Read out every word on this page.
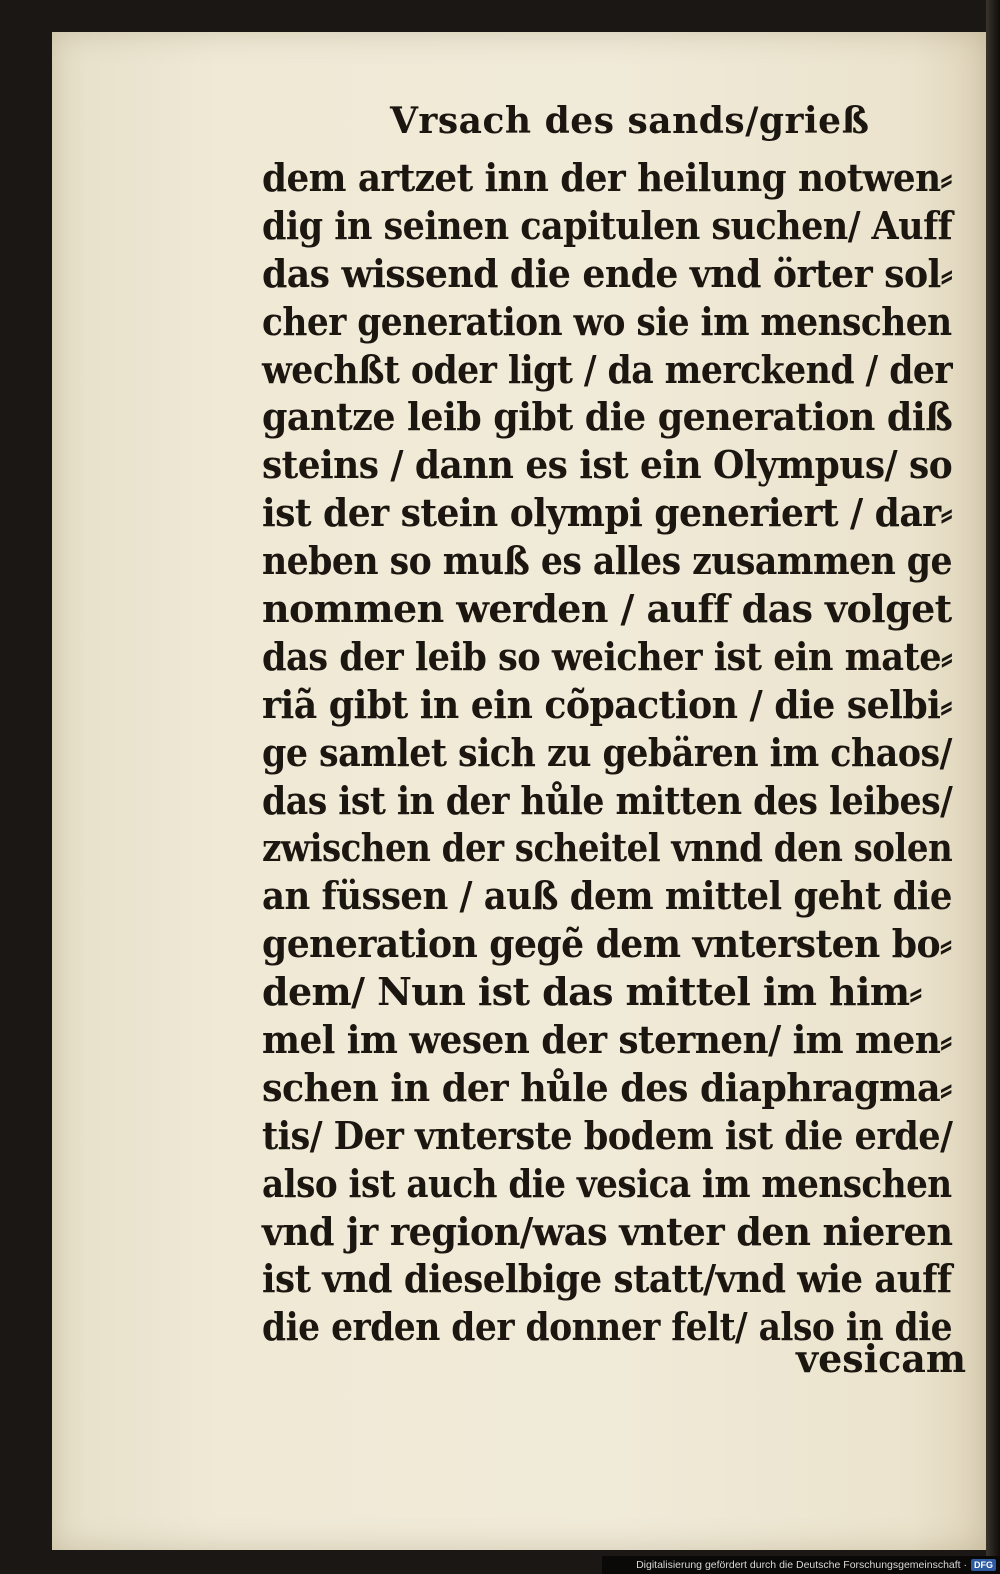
Vrsach des sands/grieß
dem artzet inn der heilung notwen⸗
dig in seinen capitulen suchen/ Auff
das wissend die ende vnd örter sol⸗
cher generation wo sie im menschen
wechßt oder ligt / da merckend / der
gantze leib gibt die generation diß
steins / dann es ist ein Olympus/ so
ist der stein olympi generiert / dar⸗
neben so muß es alles zusammen ge
nommen werden / auff das volget
das der leib so weicher ist ein mate⸗
riã gibt in ein cõpaction / die selbi⸗
ge samlet sich zu gebären im chaos/
das ist in der hůle mitten des leibes/
zwischen der scheitel vnnd den solen
an füssen / auß dem mittel geht die
generation gegẽ dem vntersten bo⸗
dem/ Nun ist das mittel im him⸗
mel im wesen der sternen/ im men⸗
schen in der hůle des diaphragma⸗
tis/ Der vnterste bodem ist die erde/
also ist auch die vesica im menschen
vnd jr region/was vnter den nieren
ist vnd dieselbige statt/vnd wie auff
die erden der donner felt/ also in die
vesicam
Digitalisierung gefördert durch die Deutsche Forschungsgemeinschaft · DFG
